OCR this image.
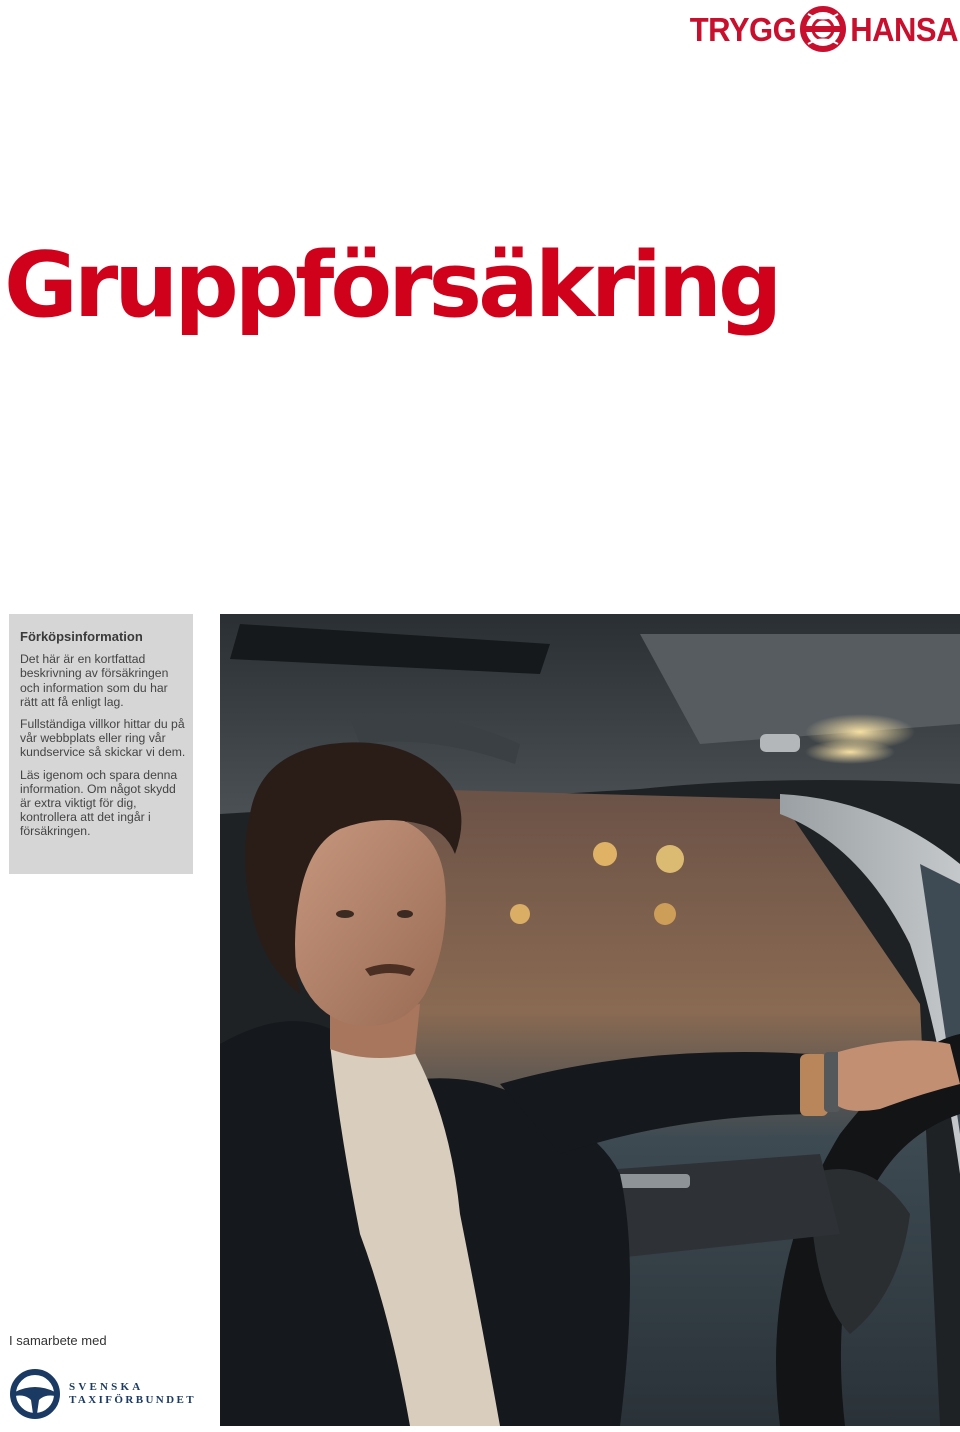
TRYGG HANSA
Gruppförsäkring
Förköpsinformation

Det här är en kortfattad beskrivning av försäkringen och information som du har rätt att få enligt lag.

Fullständiga villkor hittar du på vår webbplats eller ring vår kundservice så skickar vi dem.

Läs igenom och spara denna information. Om något skydd är extra viktigt för dig, kontrollera att det ingår i försäkringen.

I samarbete med

SVENSKA
TAXIFÖRBUNDET
